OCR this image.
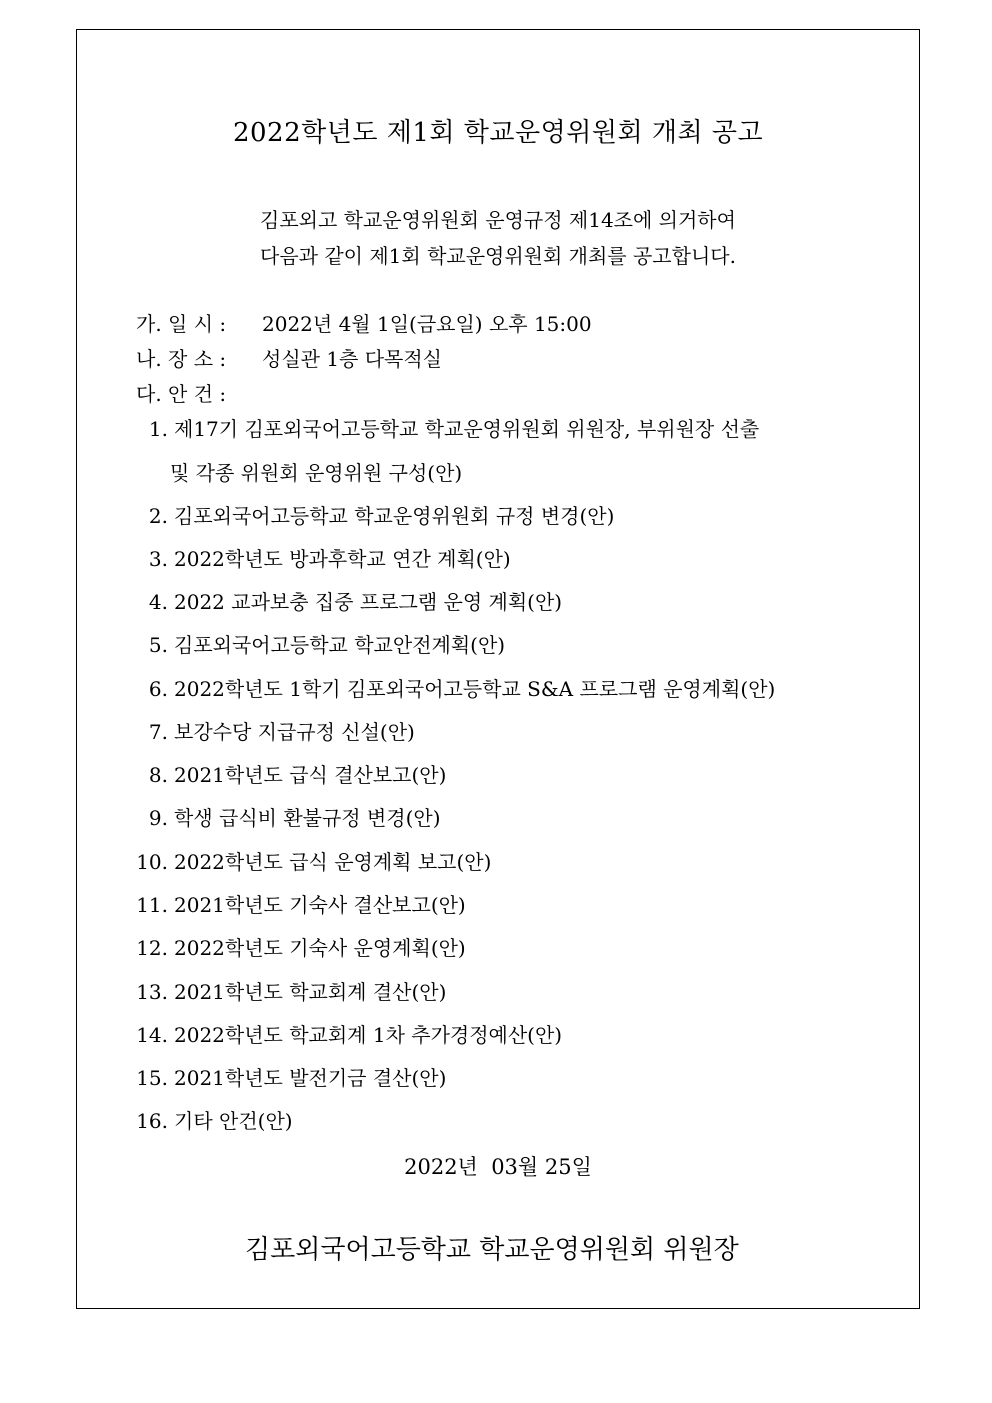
2022학년도 제1회 학교운영위원회 개최 공고
김포외고 학교운영위원회 운영규정 제14조에 의거하여
다음과 같이 제1회 학교운영위원회 개최를 공고합니다.
가. 일 시 : 2022년 4월 1일(금요일) 오후 15:00
나. 장 소 : 성실관 1층 다목적실
다. 안 건 :
1. 제17기 김포외국어고등학교 학교운영위원회 위원장, 부위원장 선출
및 각종 위원회 운영위원 구성(안)
2. 김포외국어고등학교 학교운영위원회 규정 변경(안)
3. 2022학년도 방과후학교 연간 계획(안)
4. 2022 교과보충 집중 프로그램 운영 계획(안)
5. 김포외국어고등학교 학교안전계획(안)
6. 2022학년도 1학기 김포외국어고등학교 S&A 프로그램 운영계획(안)
7. 보강수당 지급규정 신설(안)
8. 2021학년도 급식 결산보고(안)
9. 학생 급식비 환불규정 변경(안)
10. 2022학년도 급식 운영계획 보고(안)
11. 2021학년도 기숙사 결산보고(안)
12. 2022학년도 기숙사 운영계획(안)
13. 2021학년도 학교회계 결산(안)
14. 2022학년도 학교회계 1차 추가경정예산(안)
15. 2021학년도 발전기금 결산(안)
16. 기타 안건(안)
2022년  03월 25일
김포외국어고등학교 학교운영위원회 위원장
